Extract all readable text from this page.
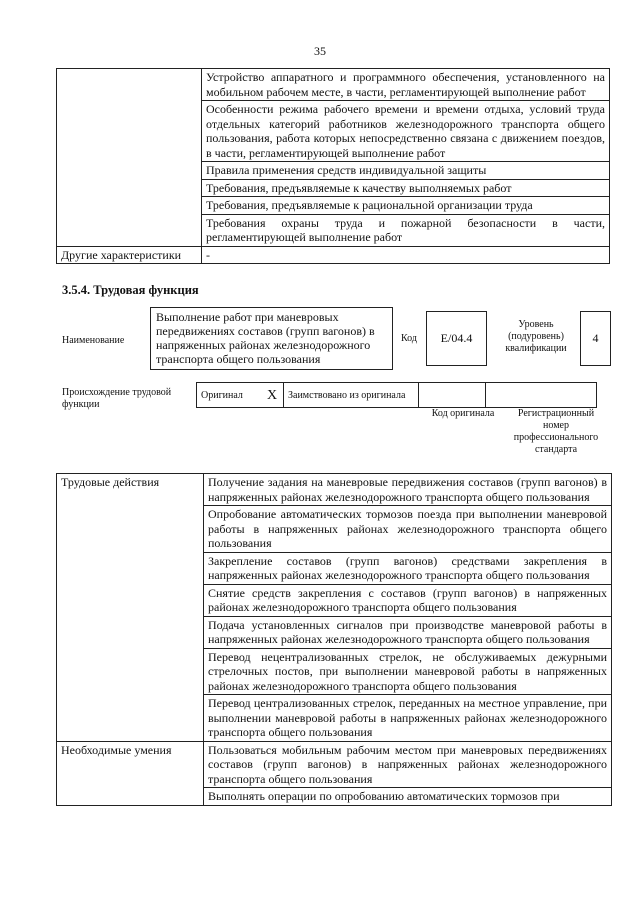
35
	Устройство аппаратного и программного обеспечения, установленного на мобильном рабочем месте, в части, регламентирующей выполнение работ
	Особенности режима рабочего времени и времени отдыха, условий труда отдельных категорий работников железнодорожного транспорта общего пользования, работа которых непосредственно связана с движением поездов, в части, регламентирующей выполнение работ
	Правила применения средств индивидуальной защиты
	Требования, предъявляемые к качеству выполняемых работ
	Требования, предъявляемые к рациональной организации труда
	Требования охраны труда и пожарной безопасности в части, регламентирующей выполнение работ
Другие характеристики	-
3.5.4. Трудовая функция
Наименование
Выполнение работ при маневровых передвижениях составов (групп вагонов) в напряженных районах железнодорожного транспорта общего пользования
Код	E/04.4
Уровень (подуровень) квалификации
4
Происхождение трудовой функции
Оригинал	X	Заимствовано из оригинала		
Код оригинала	Регистрационный номер профессионального стандарта
Трудовые действия	Получение задания на маневровые передвижения составов (групп вагонов) в напряженных районах железнодорожного транспорта общего пользования
	Опробование автоматических тормозов поезда при выполнении маневровой работы в напряженных районах железнодорожного транспорта общего пользования
	Закрепление составов (групп вагонов) средствами закрепления в напряженных районах железнодорожного транспорта общего пользования
	Снятие средств закрепления с составов (групп вагонов) в напряженных районах железнодорожного транспорта общего пользования
	Подача установленных сигналов при производстве маневровой работы в напряженных районах железнодорожного транспорта общего пользования
	Перевод нецентрализованных стрелок, не обслуживаемых дежурными стрелочных постов, при выполнении маневровой работы в напряженных районах железнодорожного транспорта общего пользования
	Перевод централизованных стрелок, переданных на местное управление, при выполнении маневровой работы в напряженных районах железнодорожного транспорта общего пользования
Необходимые умения	Пользоваться мобильным рабочим местом при маневровых передвижениях составов (групп вагонов) в напряженных районах железнодорожного транспорта общего пользования
	Выполнять операции по опробованию автоматических тормозов при
